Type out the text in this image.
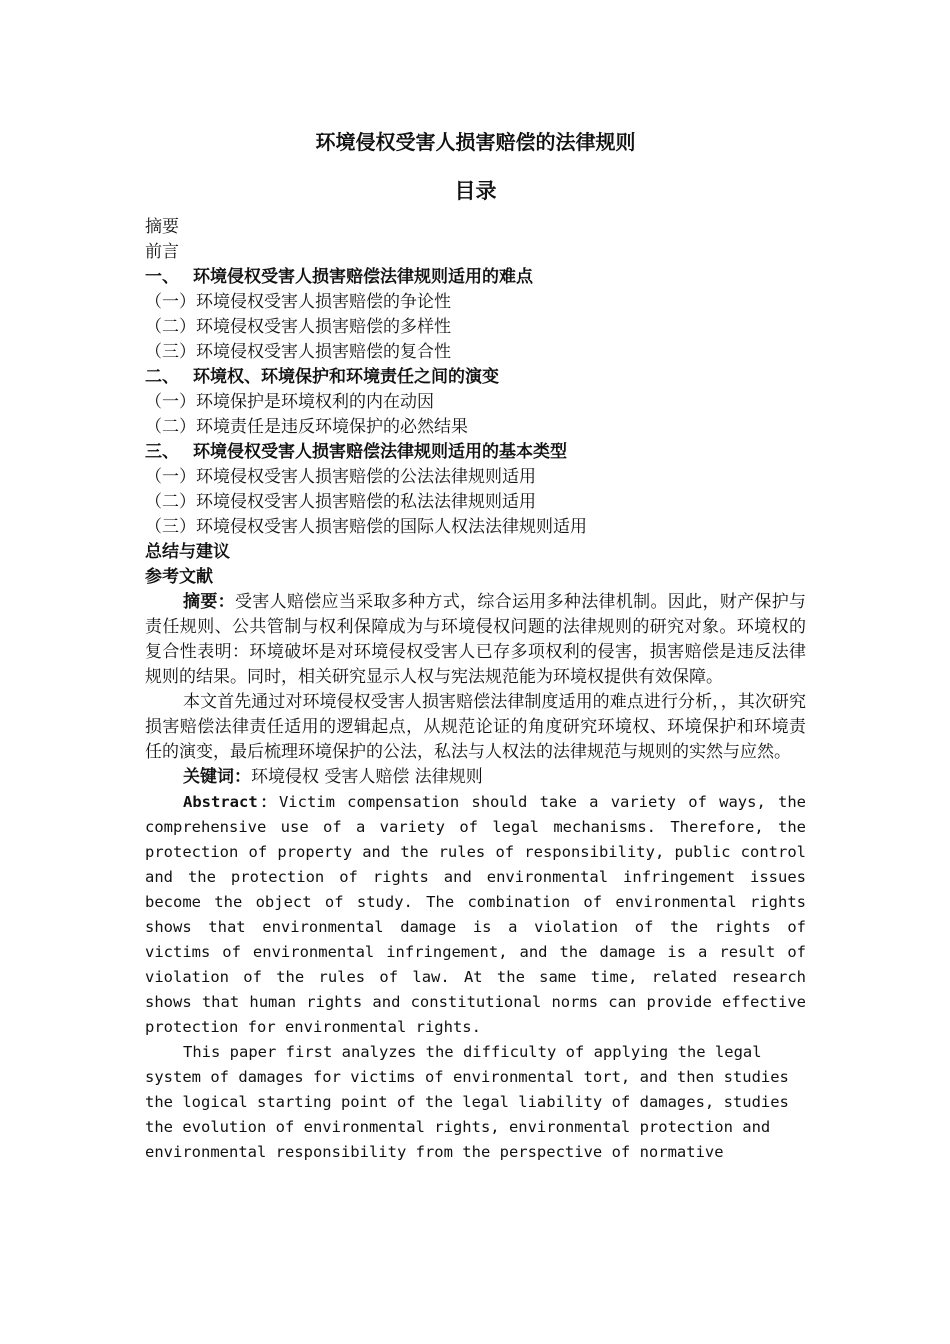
环境侵权受害人损害赔偿的法律规则
目录
摘要
前言
一、 环境侵权受害人损害赔偿法律规则适用的难点
（一）环境侵权受害人损害赔偿的争论性
（二）环境侵权受害人损害赔偿的多样性
（三）环境侵权受害人损害赔偿的复合性
二、 环境权、环境保护和环境责任之间的演变
（一）环境保护是环境权利的内在动因
（二）环境责任是违反环境保护的必然结果
三、 环境侵权受害人损害赔偿法律规则适用的基本类型
（一）环境侵权受害人损害赔偿的公法法律规则适用
（二）环境侵权受害人损害赔偿的私法法律规则适用
（三）环境侵权受害人损害赔偿的国际人权法法律规则适用
总结与建议
参考文献

摘要：受害人赔偿应当采取多种方式，综合运用多种法律机制。因此，财产保护与责任规则、公共管制与权利保障成为与环境侵权问题的法律规则的研究对象。环境权的复合性表明：环境破坏是对环境侵权受害人已存多项权利的侵害，损害赔偿是违反法律规则的结果。同时，相关研究显示人权与宪法规范能为环境权提供有效保障。

本文首先通过对环境侵权受害人损害赔偿法律制度适用的难点进行分析，，其次研究损害赔偿法律责任适用的逻辑起点，从规范论证的角度研究环境权、环境保护和环境责任的演变，最后梳理环境保护的公法，私法与人权法的法律规范与规则的实然与应然。

关键词：环境侵权 受害人赔偿 法律规则

Abstract：Victim compensation should take a variety of ways, the comprehensive use of a variety of legal mechanisms. Therefore, the protection of property and the rules of responsibility, public control and the protection of rights and environmental infringement issues become the object of study. The combination of environmental rights shows that environmental damage is a violation of the rights of victims of environmental infringement, and the damage is a result of violation of the rules of law. At the same time, related research shows that human rights and constitutional norms can provide effective protection for environmental rights.

This paper first analyzes the difficulty of applying the legal system of damages for victims of environmental tort, and then studies the logical starting point of the legal liability of damages, studies the evolution of environmental rights, environmental protection and environmental responsibility from the perspective of normative
